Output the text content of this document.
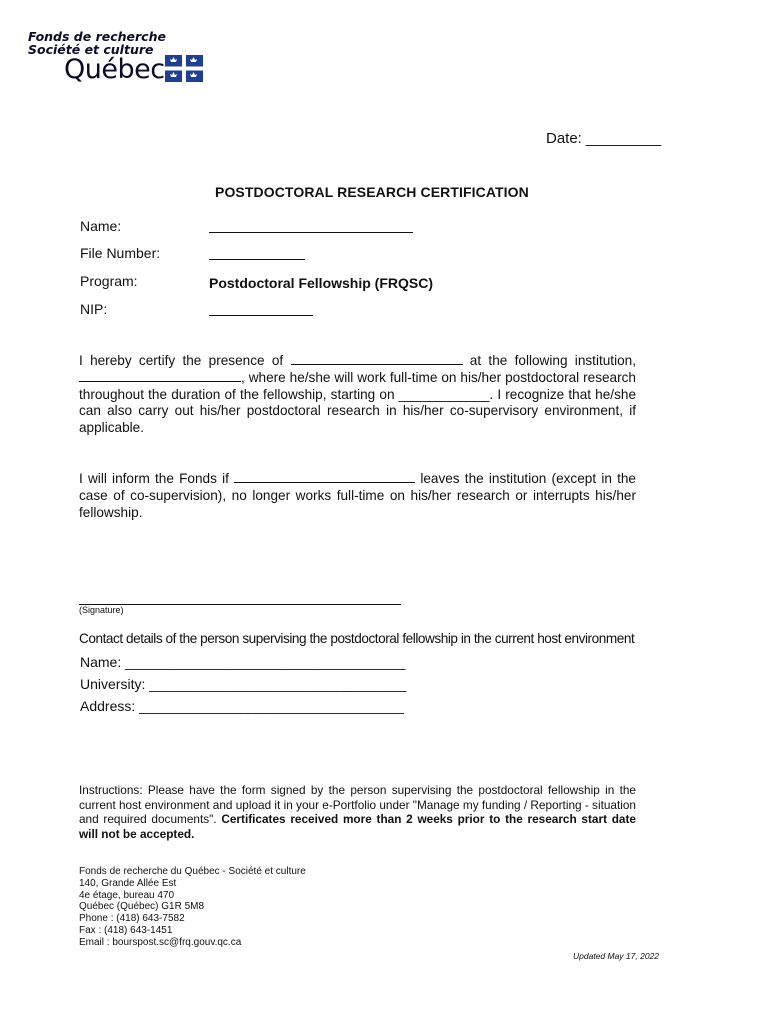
Fonds de recherche
Société et culture
Québec
Date: _________
POSTDOCTORAL RESEARCH CERTIFICATION
Name:
File Number:
Program:	Postdoctoral Fellowship (FRQSC)
NIP:
I hereby certify the presence of	at the following institution, , where he/she will work full-time on his/her postdoctoral research throughout the duration of the fellowship, starting on ____________. I recognize that he/she can also carry out his/her postdoctoral research in his/her co-supervisory environment, if applicable.
I will inform the Fonds if	leaves the institution (except in the case of co-supervision), no longer works full-time on his/her research or interrupts his/her fellowship.
(Signature)
Contact details of the person supervising the postdoctoral fellowship in the current host environment
Name: ____________________________________
University: _________________________________
Address: __________________________________
Instructions: Please have the form signed by the person supervising the postdoctoral fellowship in the current host environment and upload it in your e-Portfolio under "Manage my funding / Reporting - situation and required documents". Certificates received more than 2 weeks prior to the research start date will not be accepted.
Fonds de recherche du Québec - Société et culture
140, Grande Allée Est
4e étage, bureau 470
Québec (Québec) G1R 5M8
Phone : (418) 643-7582
Fax : (418) 643-1451
Email : bourspost.sc@frq.gouv.qc.ca
Updated May 17, 2022
